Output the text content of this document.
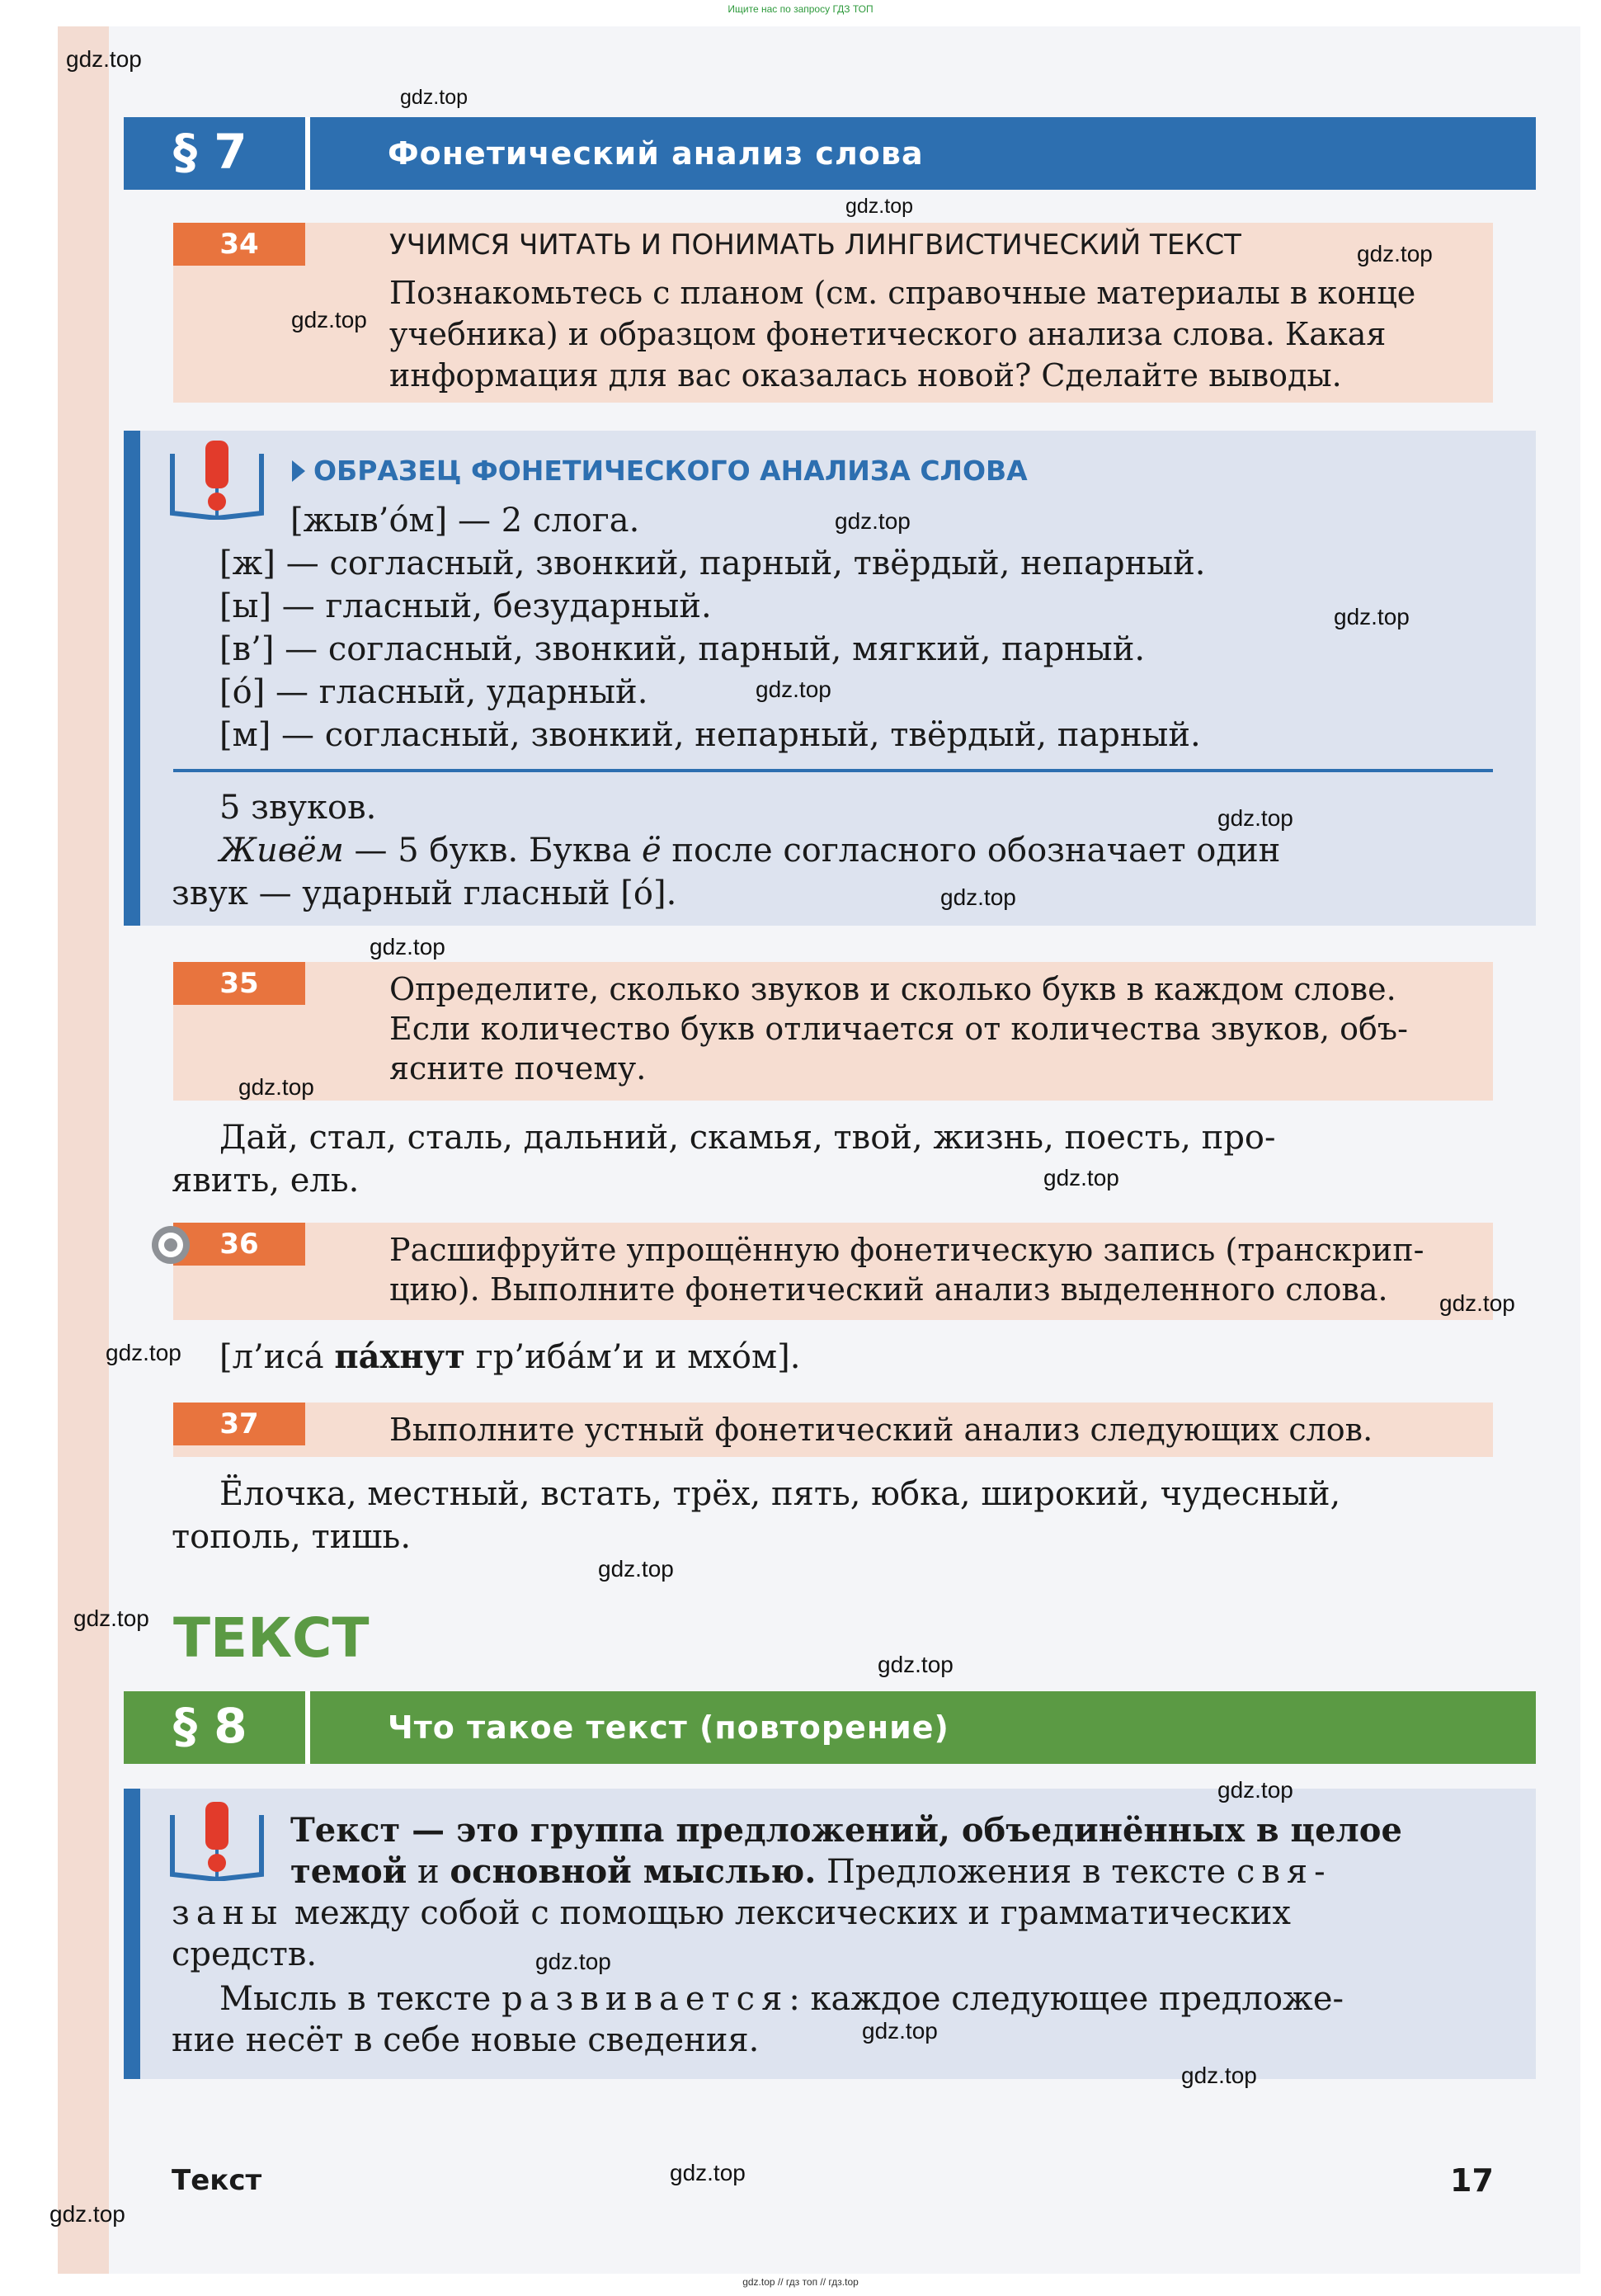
Ищите нас по запросу ГДЗ ТОП
§ 7	Фонетический анализ слова
34	УЧИМСЯ ЧИТАТЬ И ПОНИМАТЬ ЛИНГВИСТИЧЕСКИЙ ТЕКСТ
Познакомьтесь с планом (см. справочные материалы в конце
учебника) и образцом фонетического анализа слова. Какая
информация для вас оказалась новой? Сделайте выводы.
ОБРАЗЕЦ ФОНЕТИЧЕСКОГО АНАЛИЗА СЛОВА
[жыв’о́м] — 2 слога.
[ж] — согласный, звонкий, парный, твёрдый, непарный.
[ы] — гласный, безударный.
[в’] — согласный, звонкий, парный, мягкий, парный.
[о́] — гласный, ударный.
[м] — согласный, звонкий, непарный, твёрдый, парный.
5 звуков.
Живём — 5 букв. Буква ё после согласного обозначает один
звук — ударный гласный [о́].
35	Определите, сколько звуков и сколько букв в каждом слове.
Если количество букв отличается от количества звуков, объ-
ясните почему.
Дай, стал, сталь, дальний, скамья, твой, жизнь, поесть, про-
явить, ель.
36	Расшифруйте упрощённую фонетическую запись (транскрип-
цию). Выполните фонетический анализ выделенного слова.
[л’иса́ па́хнут гр’иба́м’и и мхо́м].
37	Выполните устный фонетический анализ следующих слов.
Ёлочка, местный, встать, трёх, пять, юбка, широкий, чудесный,
тополь, тишь.
ТЕКСТ
§ 8	Что такое текст (повторение)
Текст — это группа предложений, объединённых в целое
темой и основной мыслью. Предложения в тексте свя-
заны между собой с помощью лексических и грамматических
средств.
Мысль в тексте развивается: каждое следующее предложе-
ние несёт в себе новые сведения.
Текст	17
gdz.top
gdz.top
gdz.top
gdz.top
gdz.top
gdz.top
gdz.top
gdz.top
gdz.top
gdz.top
gdz.top
gdz.top
gdz.top
gdz.top
gdz.top
gdz.top
gdz.top
gdz.top
gdz.top
gdz.top
gdz.top
gdz.top
gdz.top
gdz.top
gdz.top // гдз топ // гдз.top
